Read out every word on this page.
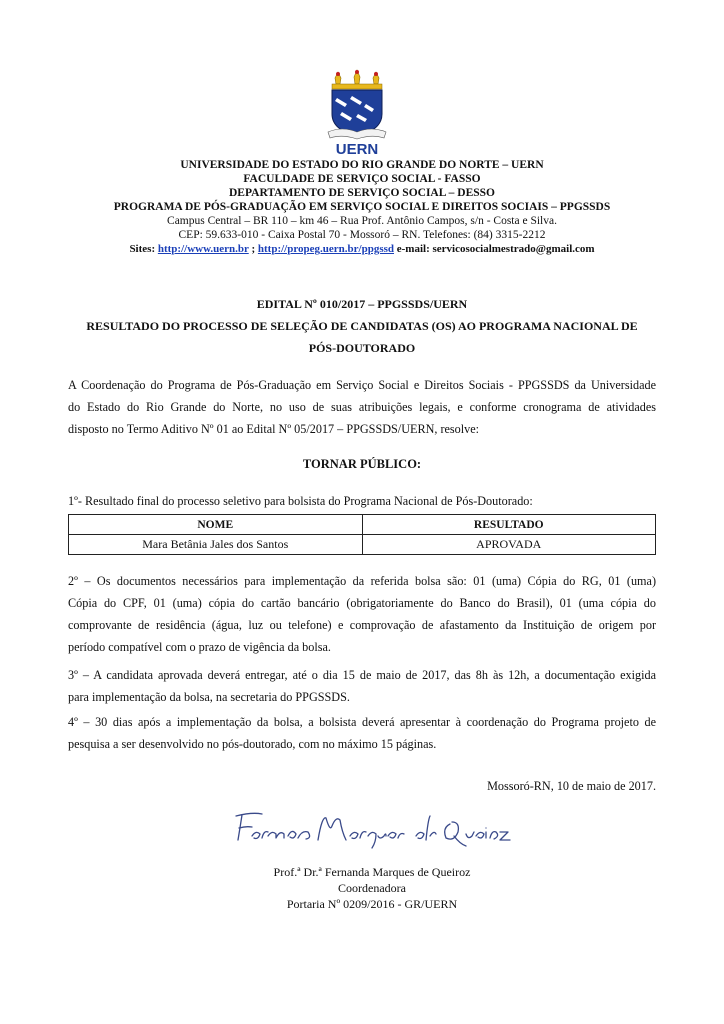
UERN
UNIVERSIDADE DO ESTADO DO RIO GRANDE DO NORTE – UERN
FACULDADE DE SERVIÇO SOCIAL - FASSO
DEPARTAMENTO DE SERVIÇO SOCIAL – DESSO
PROGRAMA DE PÓS-GRADUAÇÃO EM SERVIÇO SOCIAL E DIREITOS SOCIAIS – PPGSSDS
Campus Central – BR 110 – km 46 – Rua Prof. Antônio Campos, s/n - Costa e Silva.
CEP: 59.633-010 - Caixa Postal 70 - Mossoró – RN. Telefones: (84) 3315-2212
Sites: http://www.uern.br ; http://propeg.uern.br/ppgssd e-mail: servicosocialmestrado@gmail.com
EDITAL Nº 010/2017 – PPGSSDS/UERN
RESULTADO DO PROCESSO DE SELEÇÃO DE CANDIDATAS (OS) AO PROGRAMA NACIONAL DE
PÓS-DOUTORADO
A Coordenação do Programa de Pós-Graduação em Serviço Social e Direitos Sociais - PPGSSDS da Universidade
do Estado do Rio Grande do Norte, no uso de suas atribuições legais, e conforme cronograma de atividades
disposto no Termo Aditivo Nº 01 ao Edital Nº 05/2017 – PPGSSDS/UERN, resolve:
TORNAR PÚBLICO:
1º- Resultado final do processo seletivo para bolsista do Programa Nacional de Pós-Doutorado:
NOME	RESULTADO
Mara Betânia Jales dos Santos	APROVADA
2º – Os documentos necessários para implementação da referida bolsa são: 01 (uma) Cópia do RG, 01 (uma)
Cópia do CPF, 01 (uma) cópia do cartão bancário (obrigatoriamente do Banco do Brasil), 01 (uma cópia do
comprovante de residência (água, luz ou telefone) e comprovação de afastamento da Instituição de origem por
período compatível com o prazo de vigência da bolsa.
3º – A candidata aprovada deverá entregar, até o dia 15 de maio de 2017, das 8h às 12h, a documentação exigida
para implementação da bolsa, na secretaria do PPGSSDS.
4º – 30 dias após a implementação da bolsa, a bolsista deverá apresentar à coordenação do Programa projeto de
pesquisa a ser desenvolvido no pós-doutorado, com no máximo 15 páginas.
Mossoró-RN, 10 de maio de 2017.
Prof.ª Dr.ª Fernanda Marques de Queiroz
Coordenadora
Portaria Nº 0209/2016 - GR/UERN
